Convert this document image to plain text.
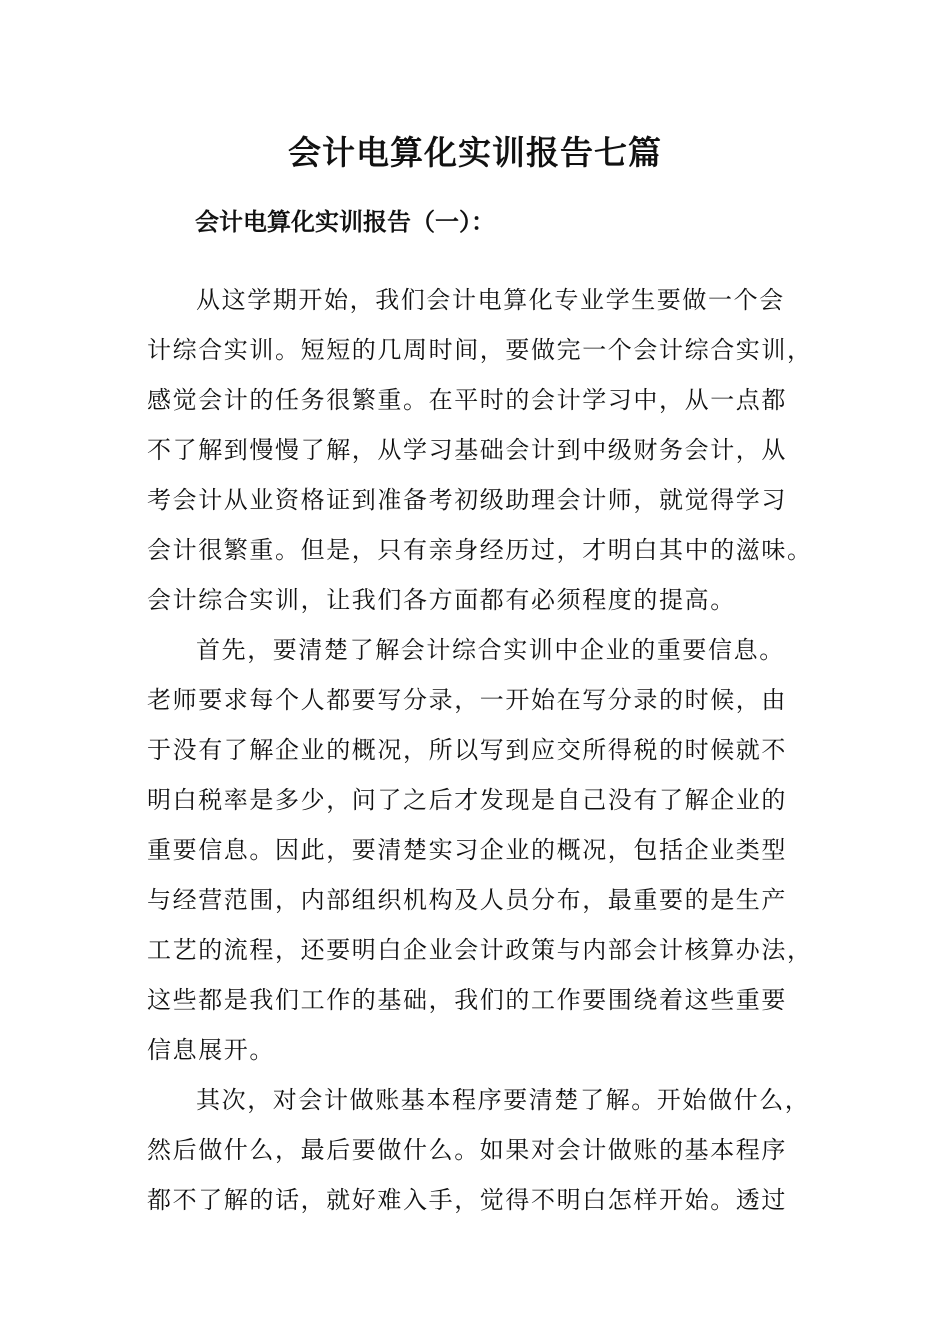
会计电算化实训报告七篇
会计电算化实训报告（一）：
从这学期开始，我们会计电算化专业学生要做一个会
计综合实训。短短的几周时间，要做完一个会计综合实训，
感觉会计的任务很繁重。在平时的会计学习中，从一点都
不了解到慢慢了解，从学习基础会计到中级财务会计，从
考会计从业资格证到准备考初级助理会计师，就觉得学习
会计很繁重。但是，只有亲身经历过，才明白其中的滋味。
会计综合实训，让我们各方面都有必须程度的提高。
首先，要清楚了解会计综合实训中企业的重要信息。
老师要求每个人都要写分录，一开始在写分录的时候，由
于没有了解企业的概况，所以写到应交所得税的时候就不
明白税率是多少，问了之后才发现是自己没有了解企业的
重要信息。因此，要清楚实习企业的概况，包括企业类型
与经营范围，内部组织机构及人员分布，最重要的是生产
工艺的流程，还要明白企业会计政策与内部会计核算办法，
这些都是我们工作的基础，我们的工作要围绕着这些重要
信息展开。
其次，对会计做账基本程序要清楚了解。开始做什么，
然后做什么，最后要做什么。如果对会计做账的基本程序
都不了解的话，就好难入手，觉得不明白怎样开始。透过
